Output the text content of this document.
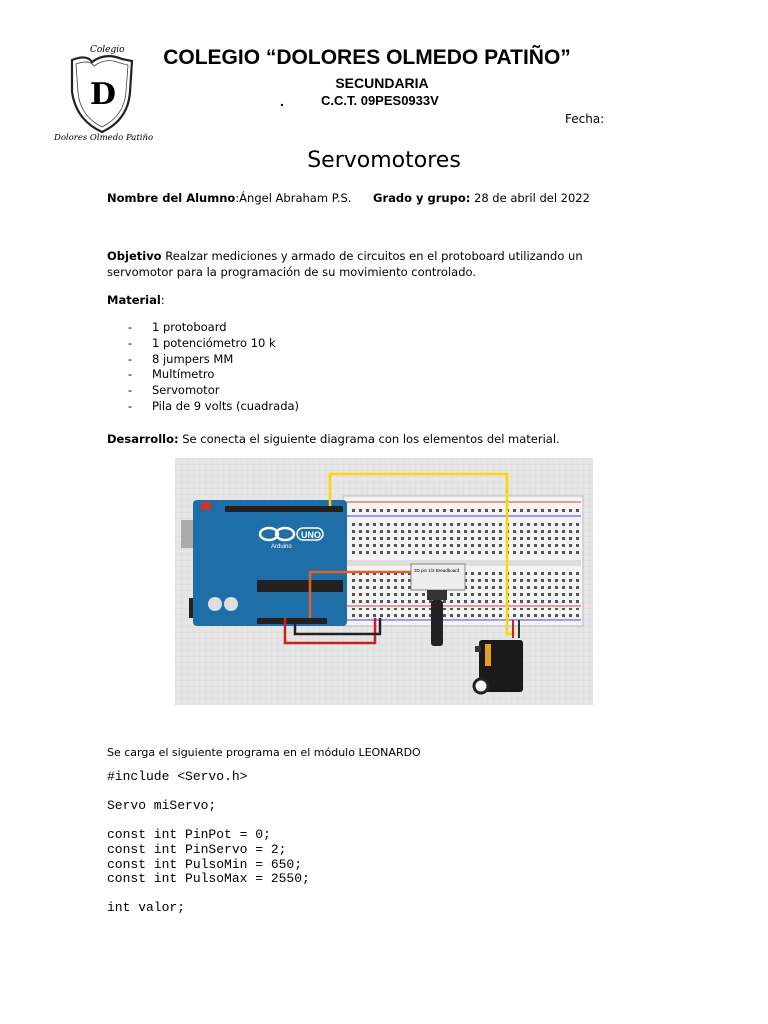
Colegio
D
Dolores Olmedo Patiño
COLEGIO “DOLORES OLMEDO PATIÑO”
SECUNDARIA
.	C.C.T. 09PES0933V
Fecha:
Servomotores
Nombre del Alumno:Ángel Abraham P.S. Grado y grupo: 28 de abril del 2022
Objetivo Realzar mediciones y armado de circuitos en el protoboard utilizando un servomotor para la programación de su movimiento controlado.
Material:
- 1 protoboard
- 1 potenciómetro 10 k
- 8 jumpers MM
- Multímetro
- Servomotor
- Pila de 9 volts (cuadrada)
Desarrollo: Se conecta el siguiente diagrama con los elementos del material.
UNO
Arduino
3D pin 1/3 Breadboard
Se carga el siguiente programa en el módulo LEONARDO
#include <Servo.h>

Servo miServo;

const int PinPot = 0;
const int PinServo = 2;
const int PulsoMin = 650;
const int PulsoMax = 2550;

int valor;
